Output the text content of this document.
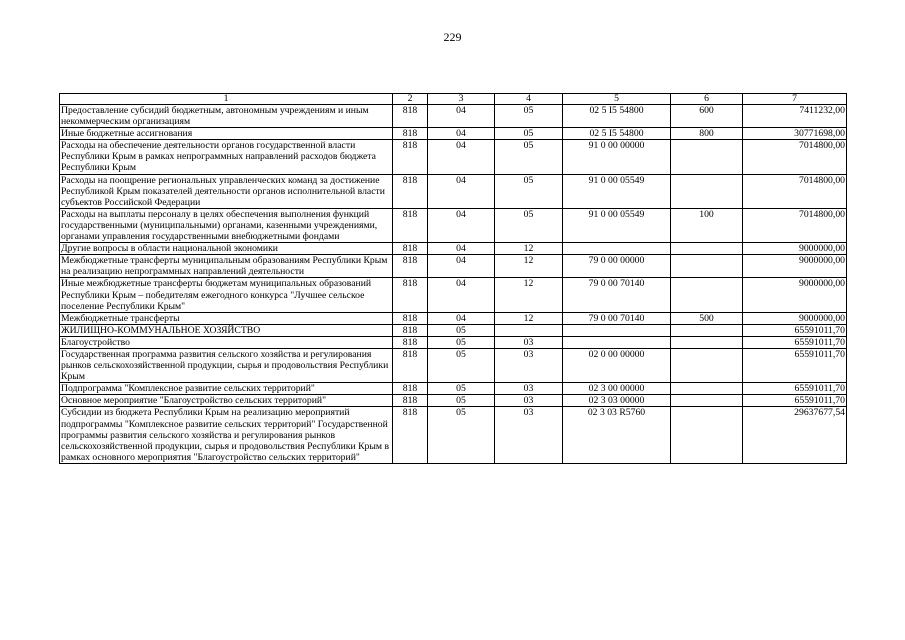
229
1	2	3	4	5	6	7
Предоставление субсидий бюджетным, автономным учреждениям и иным некоммерческим организациям	818	04	05	02 5 I5 54800	600	7411232,00
Иные бюджетные ассигнования	818	04	05	02 5 I5 54800	800	30771698,00
Расходы на обеспечение деятельности органов государственной власти Республики Крым в рамках непрограммных направлений расходов бюджета Республики Крым	818	04	05	91 0 00 00000		7014800,00
Расходы на поощрение региональных управленческих команд за достижение Республикой Крым показателей деятельности органов исполнительной власти субъектов Российской Федерации	818	04	05	91 0 00 05549		7014800,00
Расходы на выплаты персоналу в целях обеспечения выполнения функций государственными (муниципальными) органами, казенными учреждениями, органами управления государственными внебюджетными фондами	818	04	05	91 0 00 05549	100	7014800,00
Другие вопросы в области национальной экономики	818	04	12			9000000,00
Межбюджетные трансферты муниципальным образованиям Республики Крым на реализацию непрограммных направлений деятельности	818	04	12	79 0 00 00000		9000000,00
Иные межбюджетные трансферты бюджетам муниципальных образований Республики Крым – победителям ежегодного конкурса "Лучшее сельское поселение Республики Крым"	818	04	12	79 0 00 70140		9000000,00
Межбюджетные трансферты	818	04	12	79 0 00 70140	500	9000000,00
ЖИЛИЩНО-КОММУНАЛЬНОЕ ХОЗЯЙСТВО	818	05				65591011,70
Благоустройство	818	05	03			65591011,70
Государственная программа развития сельского хозяйства и регулирования рынков сельскохозяйственной продукции, сырья и продовольствия Республики Крым	818	05	03	02 0 00 00000		65591011,70
Подпрограмма "Комплексное развитие сельских территорий"	818	05	03	02 3 00 00000		65591011,70
Основное мероприятие "Благоустройство сельских территорий"	818	05	03	02 3 03 00000		65591011,70
Субсидии из бюджета Республики Крым на реализацию мероприятий подпрограммы "Комплексное развитие сельских территорий" Государственной программы развития сельского хозяйства и регулирования рынков сельскохозяйственной продукции, сырья и продовольствия Республики Крым в рамках основного мероприятия "Благоустройство сельских территорий"	818	05	03	02 3 03 R5760		29637677,54
